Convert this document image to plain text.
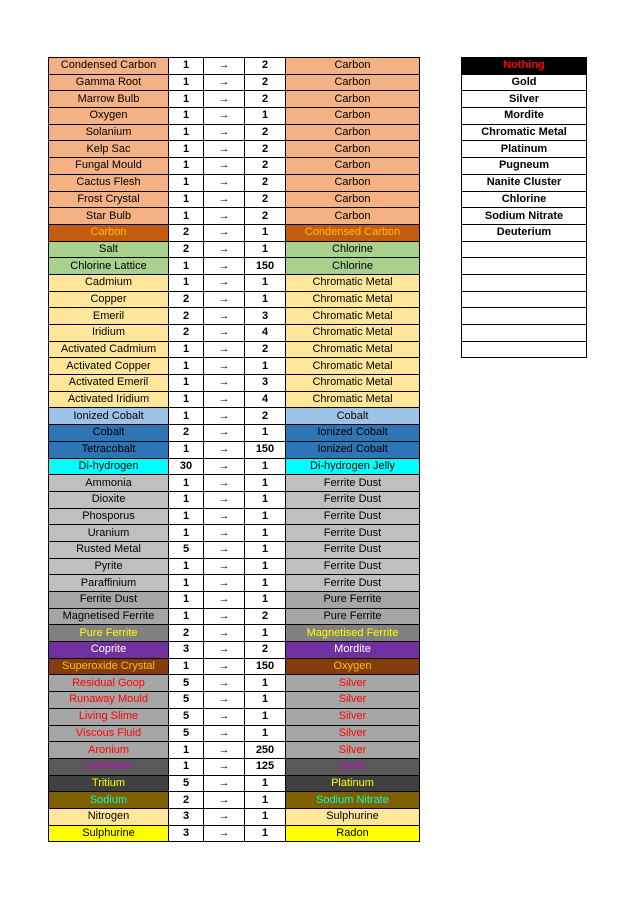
Condensed Carbon	1	→	2	Carbon
Gamma Root	1	→	2	Carbon
Marrow Bulb	1	→	2	Carbon
Oxygen	1	→	1	Carbon
Solanium	1	→	2	Carbon
Kelp Sac	1	→	2	Carbon
Fungal Mould	1	→	2	Carbon
Cactus Flesh	1	→	2	Carbon
Frost Crystal	1	→	2	Carbon
Star Bulb	1	→	2	Carbon
Carbon	2	→	1	Condensed Carbon
Salt	2	→	1	Chlorine
Chlorine Lattice	1	→	150	Chlorine
Cadmium	1	→	1	Chromatic Metal
Copper	2	→	1	Chromatic Metal
Emeril	2	→	3	Chromatic Metal
Iridium	2	→	4	Chromatic Metal
Activated Cadmium	1	→	2	Chromatic Metal
Activated Copper	1	→	1	Chromatic Metal
Activated Emeril	1	→	3	Chromatic Metal
Activated Iridium	1	→	4	Chromatic Metal
Ionized Cobalt	1	→	2	Cobalt
Cobalt	2	→	1	Ionized Cobalt
Tetracobalt	1	→	150	Ionized Cobalt
Di-hydrogen	30	→	1	Di-hydrogen Jelly
Ammonia	1	→	1	Ferrite Dust
Dioxite	1	→	1	Ferrite Dust
Phosporus	1	→	1	Ferrite Dust
Uranium	1	→	1	Ferrite Dust
Rusted Metal	5	→	1	Ferrite Dust
Pyrite	1	→	1	Ferrite Dust
Paraffinium	1	→	1	Ferrite Dust
Ferrite Dust	1	→	1	Pure Ferrite
Magnetised Ferrite	1	→	2	Pure Ferrite
Pure Ferrite	2	→	1	Magnetised Ferrite
Coprite	3	→	2	Mordite
Superoxide Crystal	1	→	150	Oxygen
Residual Goop	5	→	1	Silver
Runaway Mould	5	→	1	Silver
Living Slime	5	→	1	Silver
Viscous Fluid	5	→	1	Silver
Aronium	1	→	250	Silver
Lemmium	1	→	125	Gold
Tritium	5	→	1	Platinum
Sodium	2	→	1	Sodium Nitrate
Nitrogen	3	→	1	Sulphurine
Sulphurine	3	→	1	Radon
Nothing
Gold
Silver
Mordite
Chromatic Metal
Platinum
Pugneum
Nanite Cluster
Chlorine
Sodium Nitrate
Deuterium
